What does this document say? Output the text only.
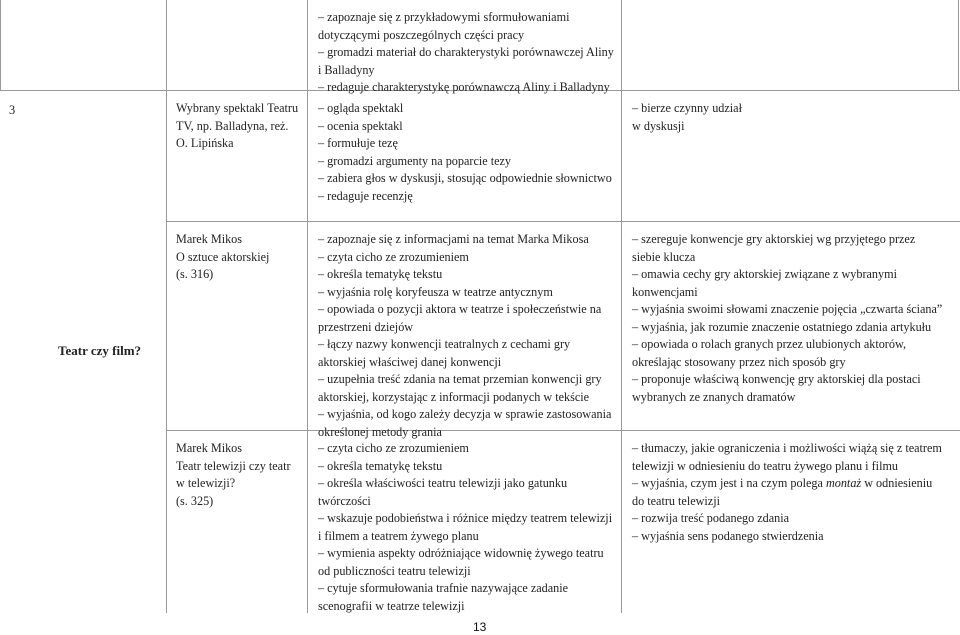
– zapoznaje się z przykładowymi sformułowaniami
dotyczącymi poszczególnych części pracy
– gromadzi materiał do charakterystyki porównawczej Aliny
i Balladyny
– redaguje charakterystykę porównawczą Aliny i Balladyny
3	Wybrany spektakl Teatru
TV, np. Balladyna, reż.
O. Lipińska
– ogląda spektakl
– ocenia spektakl
– formułuje tezę
– gromadzi argumenty na poparcie tezy
– zabiera głos w dyskusji, stosując odpowiednie słownictwo
– redaguje recenzję
– bierze czynny udział
w dyskusji
Teatr czy film?
Marek Mikos
O sztuce aktorskiej
(s. 316)
– zapoznaje się z informacjami na temat Marka Mikosa
– czyta cicho ze zrozumieniem
– określa tematykę tekstu
– wyjaśnia rolę koryfeusza w teatrze antycznym
– opowiada o pozycji aktora w teatrze i społeczeństwie na
przestrzeni dziejów
– łączy nazwy konwencji teatralnych z cechami gry
aktorskiej właściwej danej konwencji
– uzupełnia treść zdania na temat przemian konwencji gry
aktorskiej, korzystając z informacji podanych w tekście
– wyjaśnia, od kogo zależy decyzja w sprawie zastosowania
określonej metody grania
– szereguje konwencje gry aktorskiej wg przyjętego przez
siebie klucza
– omawia cechy gry aktorskiej związane z wybranymi
konwencjami
– wyjaśnia swoimi słowami znaczenie pojęcia „czwarta ściana”
– wyjaśnia, jak rozumie znaczenie ostatniego zdania artykułu
– opowiada o rolach granych przez ulubionych aktorów,
określając stosowany przez nich sposób gry
– proponuje właściwą konwencję gry aktorskiej dla postaci
wybranych ze znanych dramatów
Marek Mikos
Teatr telewizji czy teatr
w telewizji?
(s. 325)
– czyta cicho ze zrozumieniem
– określa tematykę tekstu
– określa właściwości teatru telewizji jako gatunku
twórczości
– wskazuje podobieństwa i różnice między teatrem telewizji
i filmem a teatrem żywego planu
– wymienia aspekty odróżniające widownię żywego teatru
od publiczności teatru telewizji
– cytuje sformułowania trafnie nazywające zadanie
scenografii w teatrze telewizji
– tłumaczy, jakie ograniczenia i możliwości wiążą się z teatrem
telewizji w odniesieniu do teatru żywego planu i filmu
– wyjaśnia, czym jest i na czym polega montaż w odniesieniu
do teatru telewizji
– rozwija treść podanego zdania
– wyjaśnia sens podanego stwierdzenia
13
